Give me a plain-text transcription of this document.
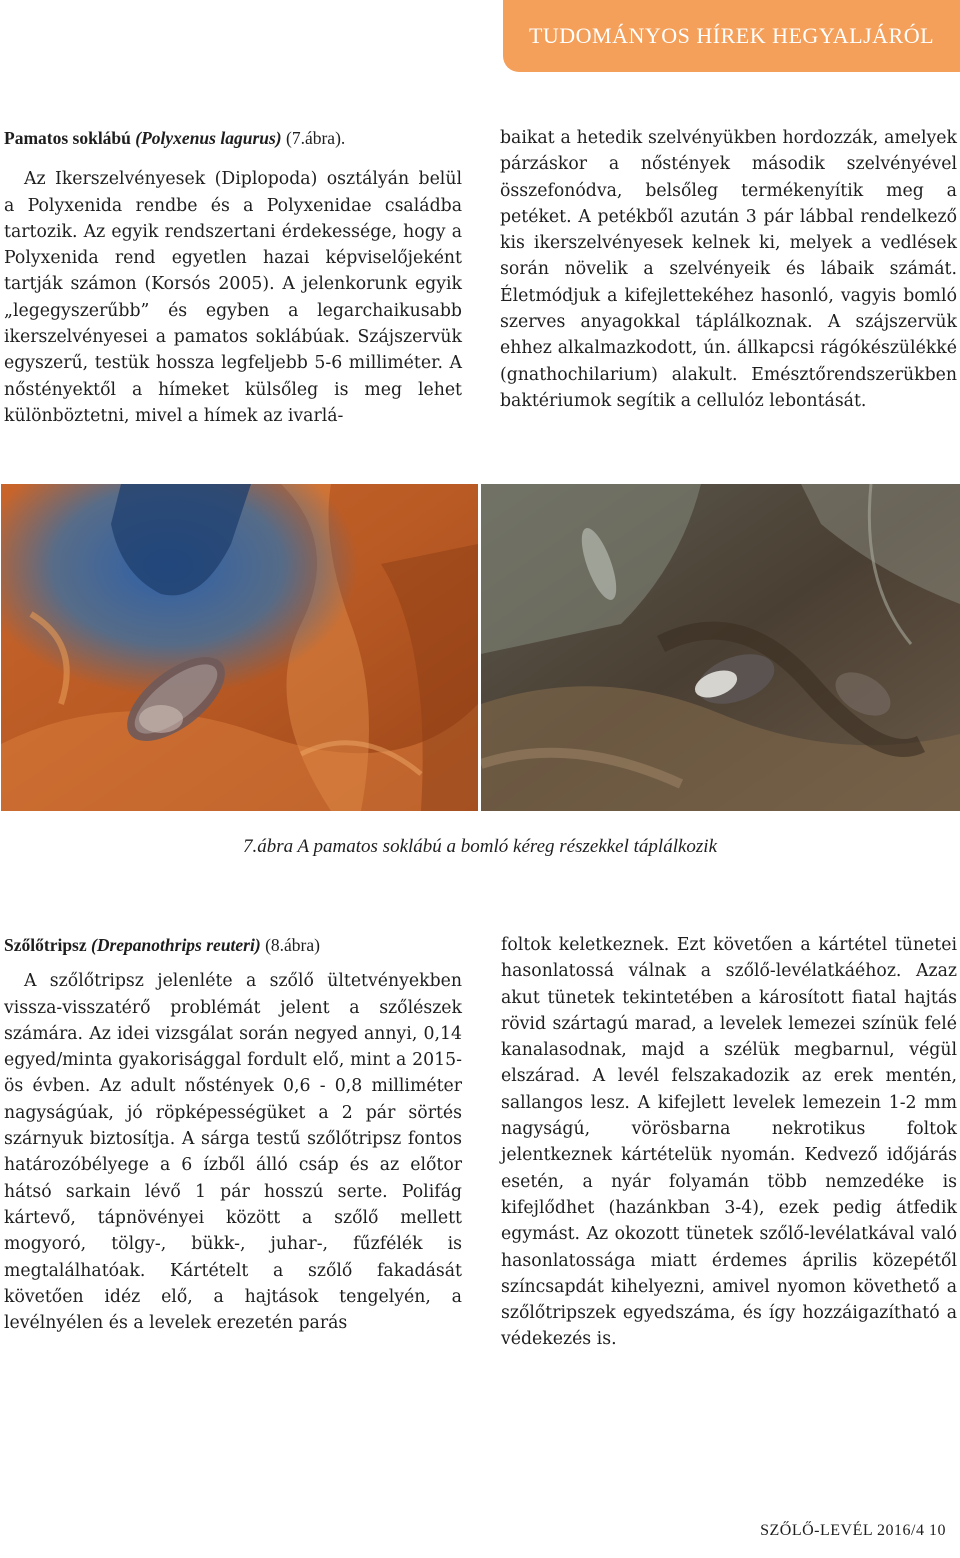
TUDOMÁNYOS HÍREK HEGYALJÁRÓL

Pamatos soklábú (Polyxenus lagurus) (7.ábra).

Az Ikerszelvényesek (Diplopoda) osztályán belül a Polyxenida rendbe és a Polyxenidae családba tartozik. Az egyik rendszertani érdekessége, hogy a Polyxenida rend egyetlen hazai képviselőjeként tartják számon (Korsós 2005). A jelenkorunk egyik „legegyszerűbb” és egyben a legarchaikusabb ikerszelvényesei a pamatos soklábúak. Szájszervük egyszerű, testük hossza legfeljebb 5-6 milliméter. A nőstényektől a hímeket külsőleg is meg lehet különböztetni, mivel a hímek az ivarlá-

baikat a hetedik szelvényükben hordozzák, amelyek párzáskor a nőstények második szelvényével összefonódva, belsőleg termékenyítik meg a petéket. A petékből azután 3 pár lábbal rendelkező kis ikerszelvényesek kelnek ki, melyek a vedlések során növelik a szelvényeik és lábaik számát. Életmódjuk a kifejlettekéhez hasonló, vagyis bomló szerves anyagokkal táplálkoznak. A szájszervük ehhez alkalmazkodott, ún. állkapcsi rágókészülékké (gnathochilarium) alakult. Emésztőrendszerükben baktériumok segítik a cellulóz lebontását.

7.ábra A pamatos soklábú a bomló kéreg részekkel táplálkozik

Szőlőtripsz (Drepanothrips reuteri) (8.ábra)

A szőlőtripsz jelenléte a szőlő ültetvényekben vissza-visszatérő problémát jelent a szőlészek számára. Az idei vizsgálat során negyed annyi, 0,14 egyed/minta gyakorisággal fordult elő, mint a 2015-ös évben. Az adult nőstények 0,6 - 0,8 milliméter nagyságúak, jó röpképességüket a 2 pár sörtés szárnyuk biztosítja. A sárga testű szőlőtripsz fontos határozóbélyege a 6 ízből álló csáp és az előtor hátsó sarkain lévő 1 pár hosszú serte. Polifág kártevő, tápnövényei között a szőlő mellett mogyoró, tölgy-, bükk-, juhar-, fűzfélék is megtalálhatóak. Kártételt a szőlő fakadását követően idéz elő, a hajtások tengelyén, a levélnyélen és a levelek erezetén parás

foltok keletkeznek. Ezt követően a kártétel tünetei hasonlatossá válnak a szőlő-levélatkáéhoz. Azaz akut tünetek tekintetében a károsított fiatal hajtás rövid szártagú marad, a levelek lemezei színük felé kanalasodnak, majd a szélük megbarnul, végül elszárad. A levél felszakadozik az erek mentén, sallangos lesz. A kifejlett levelek lemezein 1-2 mm nagyságú, vörösbarna nekrotikus foltok jelentkeznek kártételük nyomán. Kedvező időjárás esetén, a nyár folyamán több nemzedéke is kifejlődhet (hazánkban 3-4), ezek pedig átfedik egymást. Az okozott tünetek szőlő-levélatkával való hasonlatossága miatt érdemes április közepétől színcsapdát kihelyezni, amivel nyomon követhető a szőlőtripszek egyedszáma, és így hozzáigazítható a védekezés is.

SZŐLŐ-LEVÉL 2016/4 10
